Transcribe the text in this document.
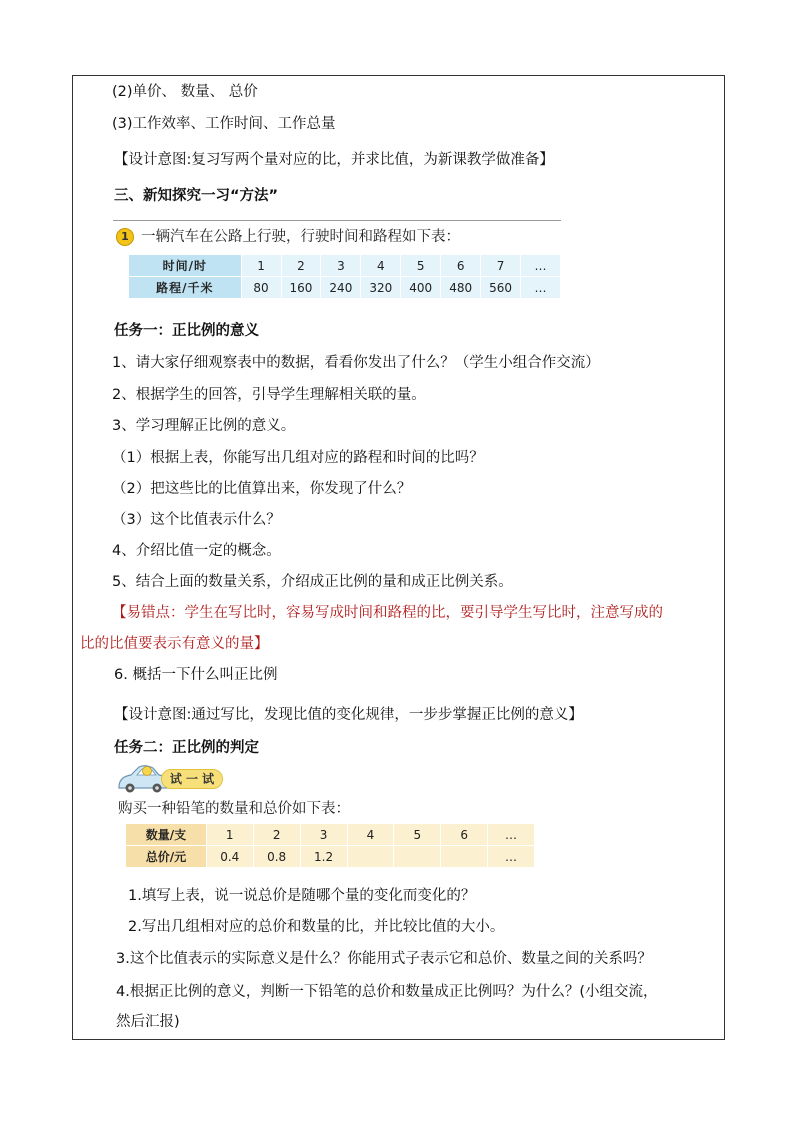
(2)单价、 数量、 总价
(3)工作效率、工作时间、工作总量
【设计意图:复习写两个量对应的比，并求比值，为新课教学做准备】
三、新知探究一习“方法”
1 一辆汽车在公路上行驶，行驶时间和路程如下表：
时间/时	1	2	3	4	5	6	7	…
路程/千米	80	160	240	320	400	480	560	…
任务一：正比例的意义
1、请大家仔细观察表中的数据，看看你发出了什么？（学生小组合作交流）
2、根据学生的回答，引导学生理解相关联的量。
3、学习理解正比例的意义。
（1）根据上表，你能写出几组对应的路程和时间的比吗？
（2）把这些比的比值算出来，你发现了什么？
（3）这个比值表示什么？
4、介绍比值一定的概念。
5、结合上面的数量关系，介绍成正比例的量和成正比例关系。
【易错点：学生在写比时，容易写成时间和路程的比，要引导学生写比时，注意写成的
比的比值要表示有意义的量】
6. 概括一下什么叫正比例
【设计意图:通过写比，发现比值的变化规律，一步步掌握正比例的意义】
任务二：正比例的判定
试 一 试
购买一种铅笔的数量和总价如下表：
数量/支	1	2	3	4	5	6	…
总价/元	0.4	0.8	1.2				…
1.填写上表，说一说总价是随哪个量的变化而变化的？
2.写出几组相对应的总价和数量的比，并比较比值的大小。
3.这个比值表示的实际意义是什么？你能用式子表示它和总价、数量之间的关系吗？
4.根据正比例的意义，判断一下铅笔的总价和数量成正比例吗？为什么？(小组交流，
然后汇报)
